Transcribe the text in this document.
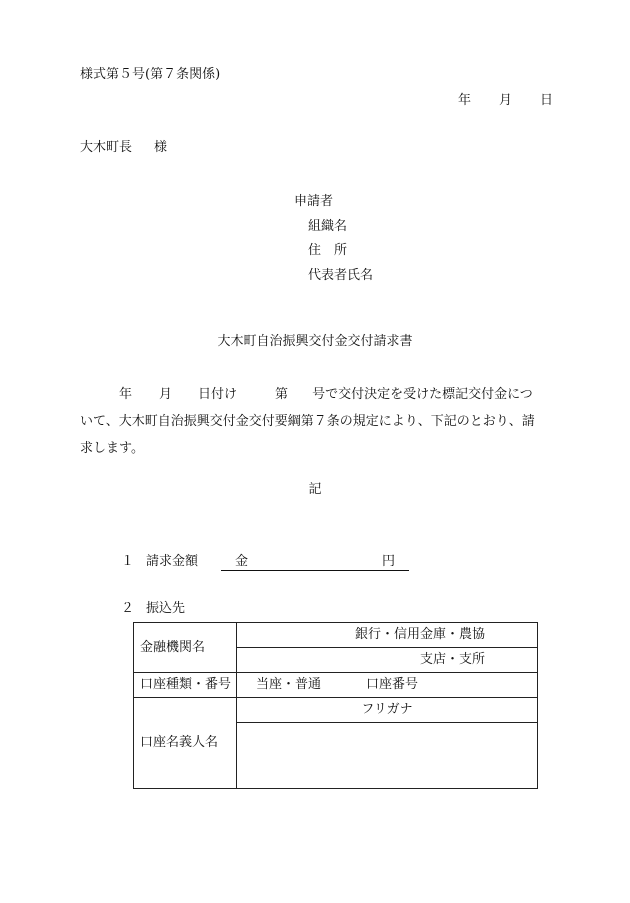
様式第５号(第７条関係)
年 月 日
大木町長 様
申請者
組織名
住　所
代表者氏名
大木町自治振興交付金交付請求書
年 月 日付け	第 号で交付決定を受けた標記交付金につ
いて、大木町自治振興交付金交付要綱第７条の規定により、下記のとおり、請
求します。
記
１ 請求金額	金	円
２ 振込先
金融機関名	銀行・信用金庫・農協
	支店・支所
口座種類・番号	当座・普通 口座番号
口座名義人名	フリガナ
